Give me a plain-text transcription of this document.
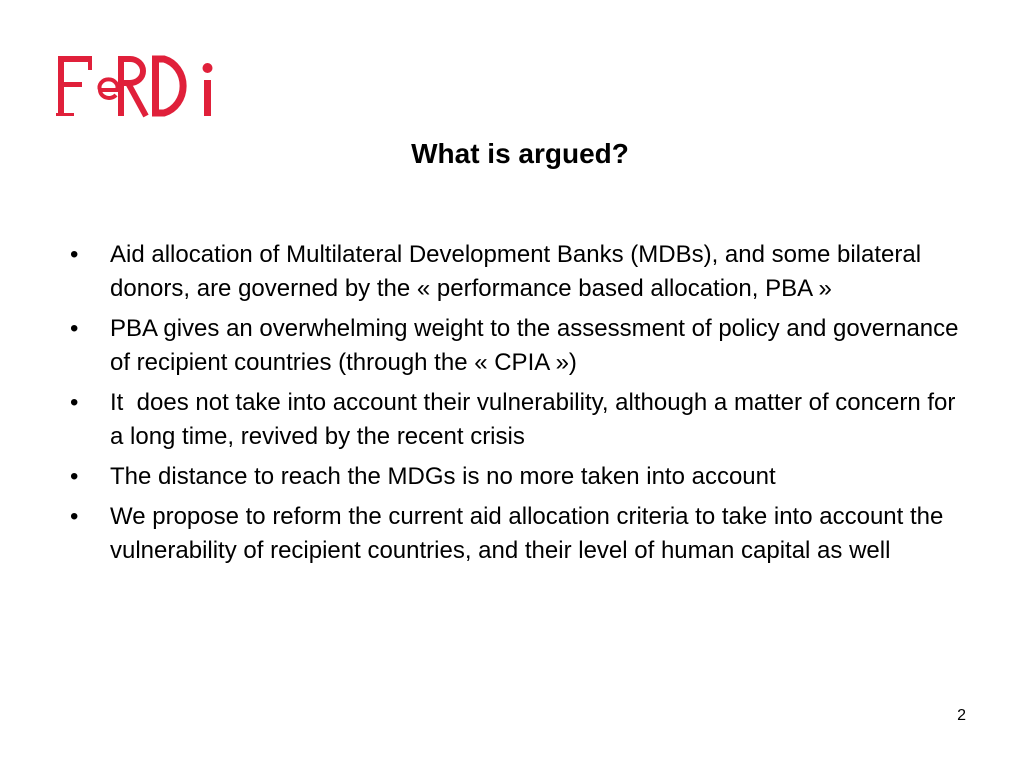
What is argued?
•	Aid allocation of Multilateral Development Banks (MDBs), and some bilateral donors, are governed by the « performance based allocation, PBA »
•	PBA gives an overwhelming weight to the assessment of policy and governance of recipient countries (through the « CPIA »)
•	It  does not take into account their vulnerability, although a matter of concern for a long time, revived by the recent crisis
•	The distance to reach the MDGs is no more taken into account
•	We propose to reform the current aid allocation criteria to take into account the vulnerability of recipient countries, and their level of human capital as well
2
